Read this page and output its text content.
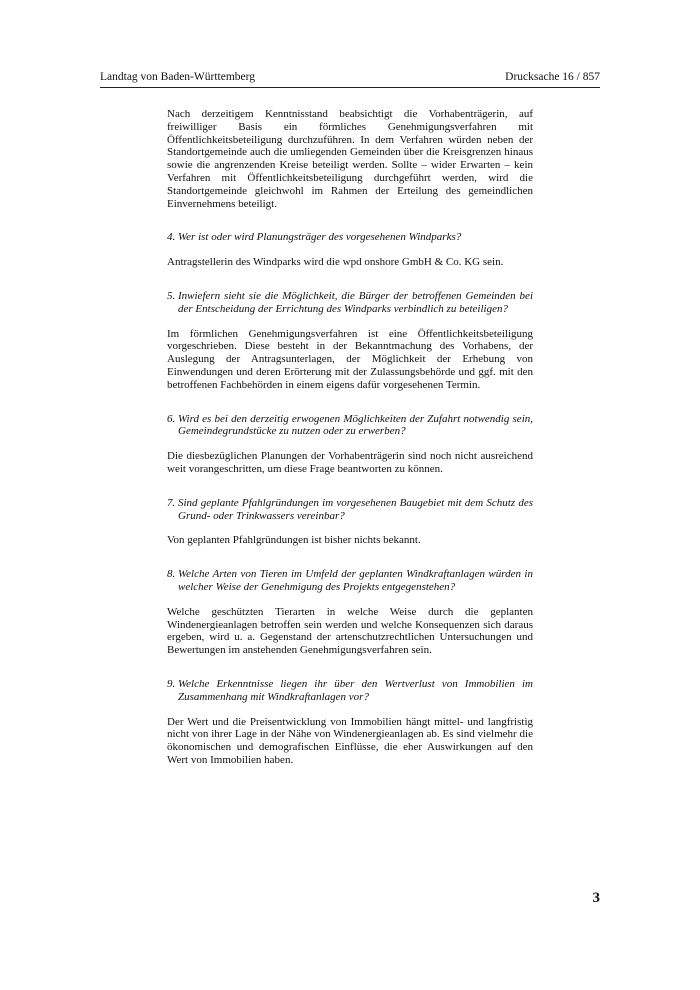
Landtag von Baden-Württemberg	Drucksache 16 / 857

Nach derzeitigem Kenntnisstand beabsichtigt die Vorhabenträgerin, auf freiwilliger Basis ein förmliches Genehmigungsverfahren mit Öffentlichkeitsbeteiligung durchzuführen. In dem Verfahren würden neben der Standortgemeinde auch die umliegenden Gemeinden über die Kreisgrenzen hinaus sowie die angrenzenden Kreise beteiligt werden. Sollte – wider Erwarten – kein Verfahren mit Öffentlichkeitsbeteiligung durchgeführt werden, wird die Standortgemeinde gleichwohl im Rahmen der Erteilung des gemeindlichen Einvernehmens beteiligt.

4. Wer ist oder wird Planungsträger des vorgesehenen Windparks?

Antragstellerin des Windparks wird die wpd onshore GmbH & Co. KG sein.

5. Inwiefern sieht sie die Möglichkeit, die Bürger der betroffenen Gemeinden bei der Entscheidung der Errichtung des Windparks verbindlich zu beteiligen?

Im förmlichen Genehmigungsverfahren ist eine Öffentlichkeitsbeteiligung vorgeschrieben. Diese besteht in der Bekanntmachung des Vorhabens, der Auslegung der Antragsunterlagen, der Möglichkeit der Erhebung von Einwendungen und deren Erörterung mit der Zulassungsbehörde und ggf. mit den betroffenen Fachbehörden in einem eigens dafür vorgesehenen Termin.

6. Wird es bei den derzeitig erwogenen Möglichkeiten der Zufahrt notwendig sein, Gemeindegrundstücke zu nutzen oder zu erwerben?

Die diesbezüglichen Planungen der Vorhabenträgerin sind noch nicht ausreichend weit vorangeschritten, um diese Frage beantworten zu können.

7. Sind geplante Pfahlgründungen im vorgesehenen Baugebiet mit dem Schutz des Grund- oder Trinkwassers vereinbar?

Von geplanten Pfahlgründungen ist bisher nichts bekannt.

8. Welche Arten von Tieren im Umfeld der geplanten Windkraftanlagen würden in welcher Weise der Genehmigung des Projekts entgegenstehen?

Welche geschützten Tierarten in welche Weise durch die geplanten Windenergieanlagen betroffen sein werden und welche Konsequenzen sich daraus ergeben, wird u. a. Gegenstand der artenschutzrechtlichen Untersuchungen und Bewertungen im anstehenden Genehmigungsverfahren sein.

9. Welche Erkenntnisse liegen ihr über den Wertverlust von Immobilien im Zusammenhang mit Windkraftanlagen vor?

Der Wert und die Preisentwicklung von Immobilien hängt mittel- und langfristig nicht von ihrer Lage in der Nähe von Windenergieanlagen ab. Es sind vielmehr die ökonomischen und demografischen Einflüsse, die eher Auswirkungen auf den Wert von Immobilien haben.

3
